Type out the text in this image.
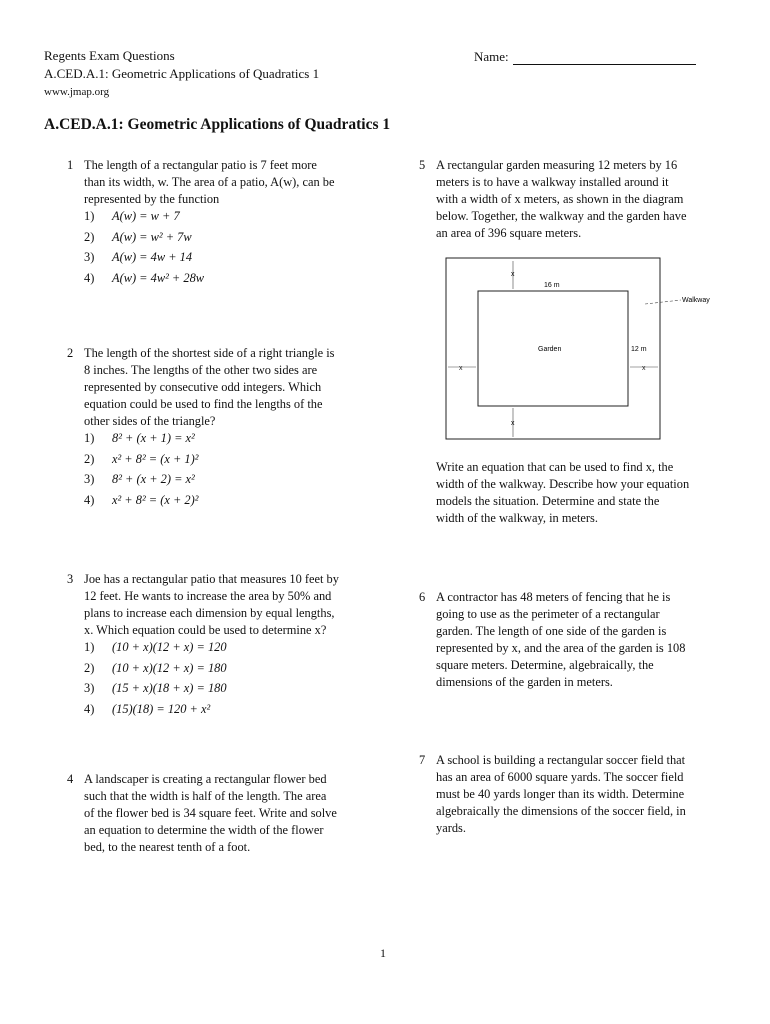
Regents Exam Questions
A.CED.A.1: Geometric Applications of Quadratics 1
www.jmap.org
Name:
A.CED.A.1: Geometric Applications of Quadratics 1
1 The length of a rectangular patio is 7 feet more
than its width, w. The area of a patio, A(w), can be
represented by the function
1) A(w) = w + 7
2) A(w) = w² + 7w
3) A(w) = 4w + 14
4) A(w) = 4w² + 28w
2 The length of the shortest side of a right triangle is
8 inches. The lengths of the other two sides are
represented by consecutive odd integers. Which
equation could be used to find the lengths of the
other sides of the triangle?
1) 8² + (x + 1) = x²
2) x² + 8² = (x + 1)²
3) 8² + (x + 2) = x²
4) x² + 8² = (x + 2)²
3 Joe has a rectangular patio that measures 10 feet by
12 feet. He wants to increase the area by 50% and
plans to increase each dimension by equal lengths,
x. Which equation could be used to determine x?
1) (10 + x)(12 + x) = 120
2) (10 + x)(12 + x) = 180
3) (15 + x)(18 + x) = 180
4) (15)(18) = 120 + x²
4 A landscaper is creating a rectangular flower bed
such that the width is half of the length. The area
of the flower bed is 34 square feet. Write and solve
an equation to determine the width of the flower
bed, to the nearest tenth of a foot.
5 A rectangular garden measuring 12 meters by 16
meters is to have a walkway installed around it
with a width of x meters, as shown in the diagram
below. Together, the walkway and the garden have
an area of 396 square meters.
x
x
x	x
16 m
12 m
Garden
Walkway
Write an equation that can be used to find x, the
width of the walkway. Describe how your equation
models the situation. Determine and state the
width of the walkway, in meters.
6 A contractor has 48 meters of fencing that he is
going to use as the perimeter of a rectangular
garden. The length of one side of the garden is
represented by x, and the area of the garden is 108
square meters. Determine, algebraically, the
dimensions of the garden in meters.
7 A school is building a rectangular soccer field that
has an area of 6000 square yards. The soccer field
must be 40 yards longer than its width. Determine
algebraically the dimensions of the soccer field, in
yards.
1
